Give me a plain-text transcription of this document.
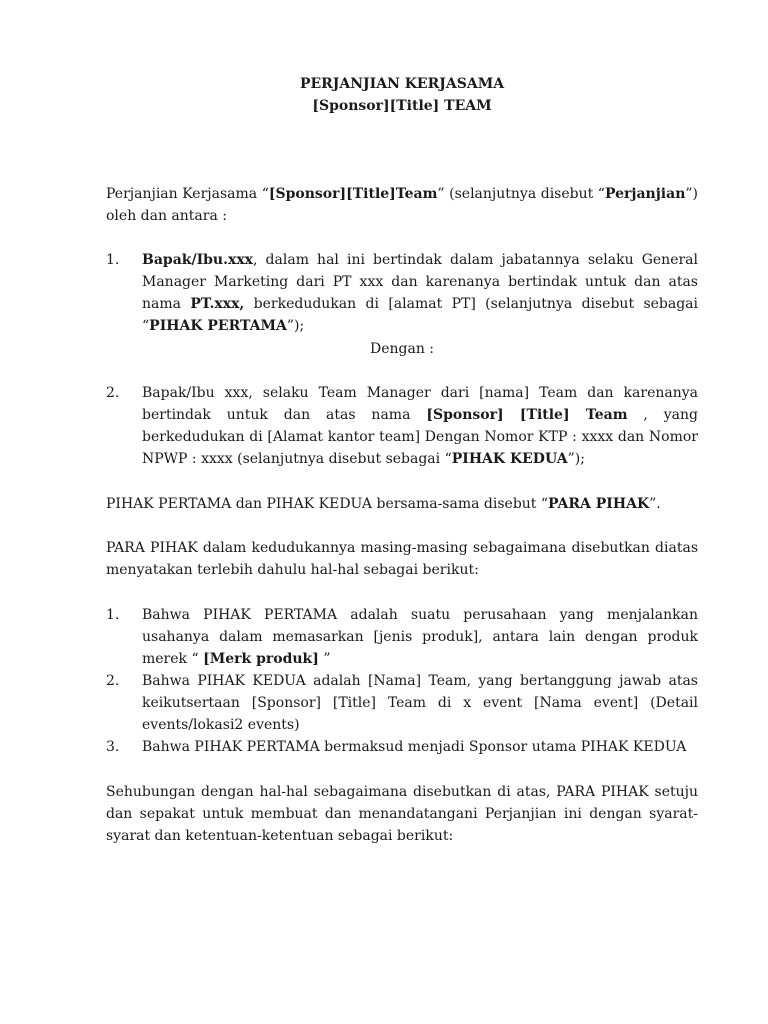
PERJANJIAN KERJASAMA
[Sponsor][Title] TEAM
Perjanjian Kerjasama “[Sponsor][Title]Team” (selanjutnya disebut “Perjanjian”) oleh dan antara :
1.	Bapak/Ibu.xxx, dalam hal ini bertindak dalam jabatannya selaku General Manager Marketing dari PT xxx dan karenanya bertindak untuk dan atas nama PT.xxx, berkedudukan di [alamat PT] (selanjutnya disebut sebagai “PIHAK PERTAMA”);
Dengan :
2.	Bapak/Ibu xxx, selaku Team Manager dari [nama] Team dan karenanya bertindak untuk dan atas nama [Sponsor] [Title] Team , yang berkedudukan di [Alamat kantor team] Dengan Nomor KTP : xxxx dan Nomor NPWP : xxxx (selanjutnya disebut sebagai “PIHAK KEDUA”);
PIHAK PERTAMA dan PIHAK KEDUA bersama-sama disebut “PARA PIHAK”.
PARA PIHAK dalam kedudukannya masing-masing sebagaimana disebutkan diatas menyatakan terlebih dahulu hal-hal sebagai berikut:
1.	Bahwa PIHAK PERTAMA adalah suatu perusahaan yang menjalankan usahanya dalam memasarkan [jenis produk], antara lain dengan produk merek “ [Merk produk] ”
2.	Bahwa PIHAK KEDUA adalah [Nama] Team, yang bertanggung jawab atas keikutsertaan [Sponsor] [Title] Team di x event [Nama event] (Detail events/lokasi2 events)
3.	Bahwa PIHAK PERTAMA bermaksud menjadi Sponsor utama PIHAK KEDUA
Sehubungan dengan hal-hal sebagaimana disebutkan di atas, PARA PIHAK setuju dan sepakat untuk membuat dan menandatangani Perjanjian ini dengan syarat-syarat dan ketentuan-ketentuan sebagai berikut:
